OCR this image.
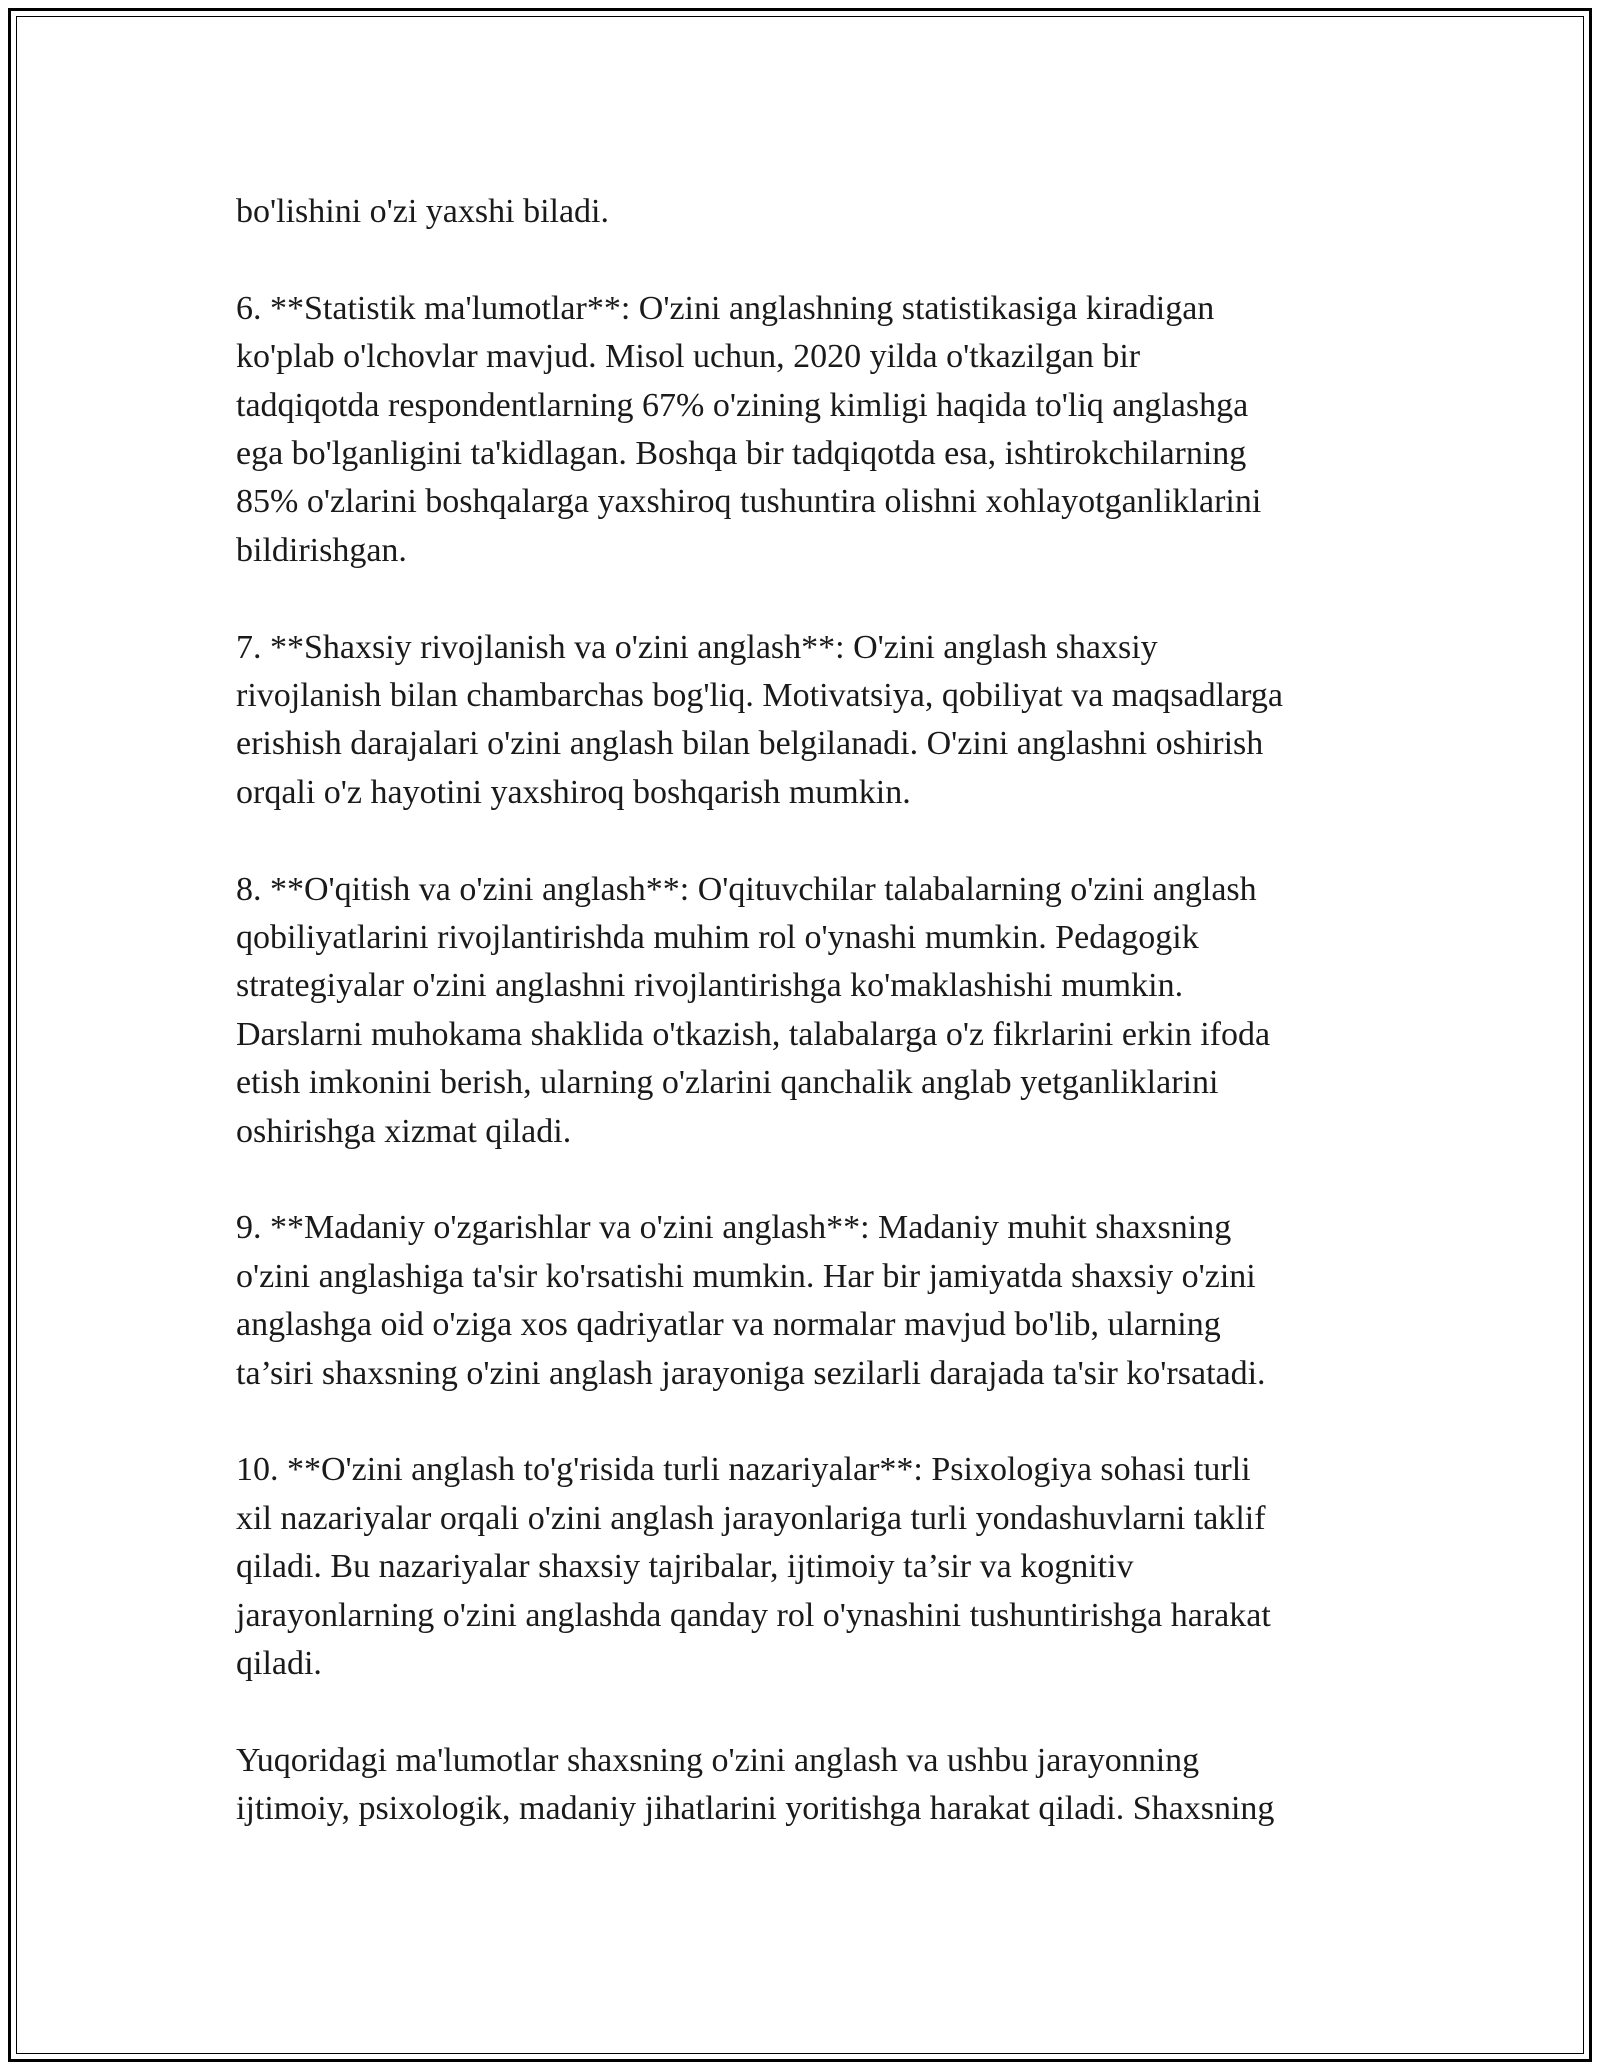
bo'lishini o'zi yaxshi biladi.

6. **Statistik ma'lumotlar**: O'zini anglashning statistikasiga kiradigan
ko'plab o'lchovlar mavjud. Misol uchun, 2020 yilda o'tkazilgan bir
tadqiqotda respondentlarning 67% o'zining kimligi haqida to'liq anglashga
ega bo'lganligini ta'kidlagan. Boshqa bir tadqiqotda esa, ishtirokchilarning
85% o'zlarini boshqalarga yaxshiroq tushuntira olishni xohlayotganliklarini
bildirishgan.

7. **Shaxsiy rivojlanish va o'zini anglash**: O'zini anglash shaxsiy
rivojlanish bilan chambarchas bog'liq. Motivatsiya, qobiliyat va maqsadlarga
erishish darajalari o'zini anglash bilan belgilanadi. O'zini anglashni oshirish
orqali o'z hayotini yaxshiroq boshqarish mumkin.

8. **O'qitish va o'zini anglash**: O'qituvchilar talabalarning o'zini anglash
qobiliyatlarini rivojlantirishda muhim rol o'ynashi mumkin. Pedagogik
strategiyalar o'zini anglashni rivojlantirishga ko'maklashishi mumkin.
Darslarni muhokama shaklida o'tkazish, talabalarga o'z fikrlarini erkin ifoda
etish imkonini berish, ularning o'zlarini qanchalik anglab yetganliklarini
oshirishga xizmat qiladi.

9. **Madaniy o'zgarishlar va o'zini anglash**: Madaniy muhit shaxsning
o'zini anglashiga ta'sir ko'rsatishi mumkin. Har bir jamiyatda shaxsiy o'zini
anglashga oid o'ziga xos qadriyatlar va normalar mavjud bo'lib, ularning
ta’siri shaxsning o'zini anglash jarayoniga sezilarli darajada ta'sir ko'rsatadi.

10. **O'zini anglash to'g'risida turli nazariyalar**: Psixologiya sohasi turli
xil nazariyalar orqali o'zini anglash jarayonlariga turli yondashuvlarni taklif
qiladi. Bu nazariyalar shaxsiy tajribalar, ijtimoiy ta’sir va kognitiv
jarayonlarning o'zini anglashda qanday rol o'ynashini tushuntirishga harakat
qiladi.

Yuqoridagi ma'lumotlar shaxsning o'zini anglash va ushbu jarayonning
ijtimoiy, psixologik, madaniy jihatlarini yoritishga harakat qiladi. Shaxsning
